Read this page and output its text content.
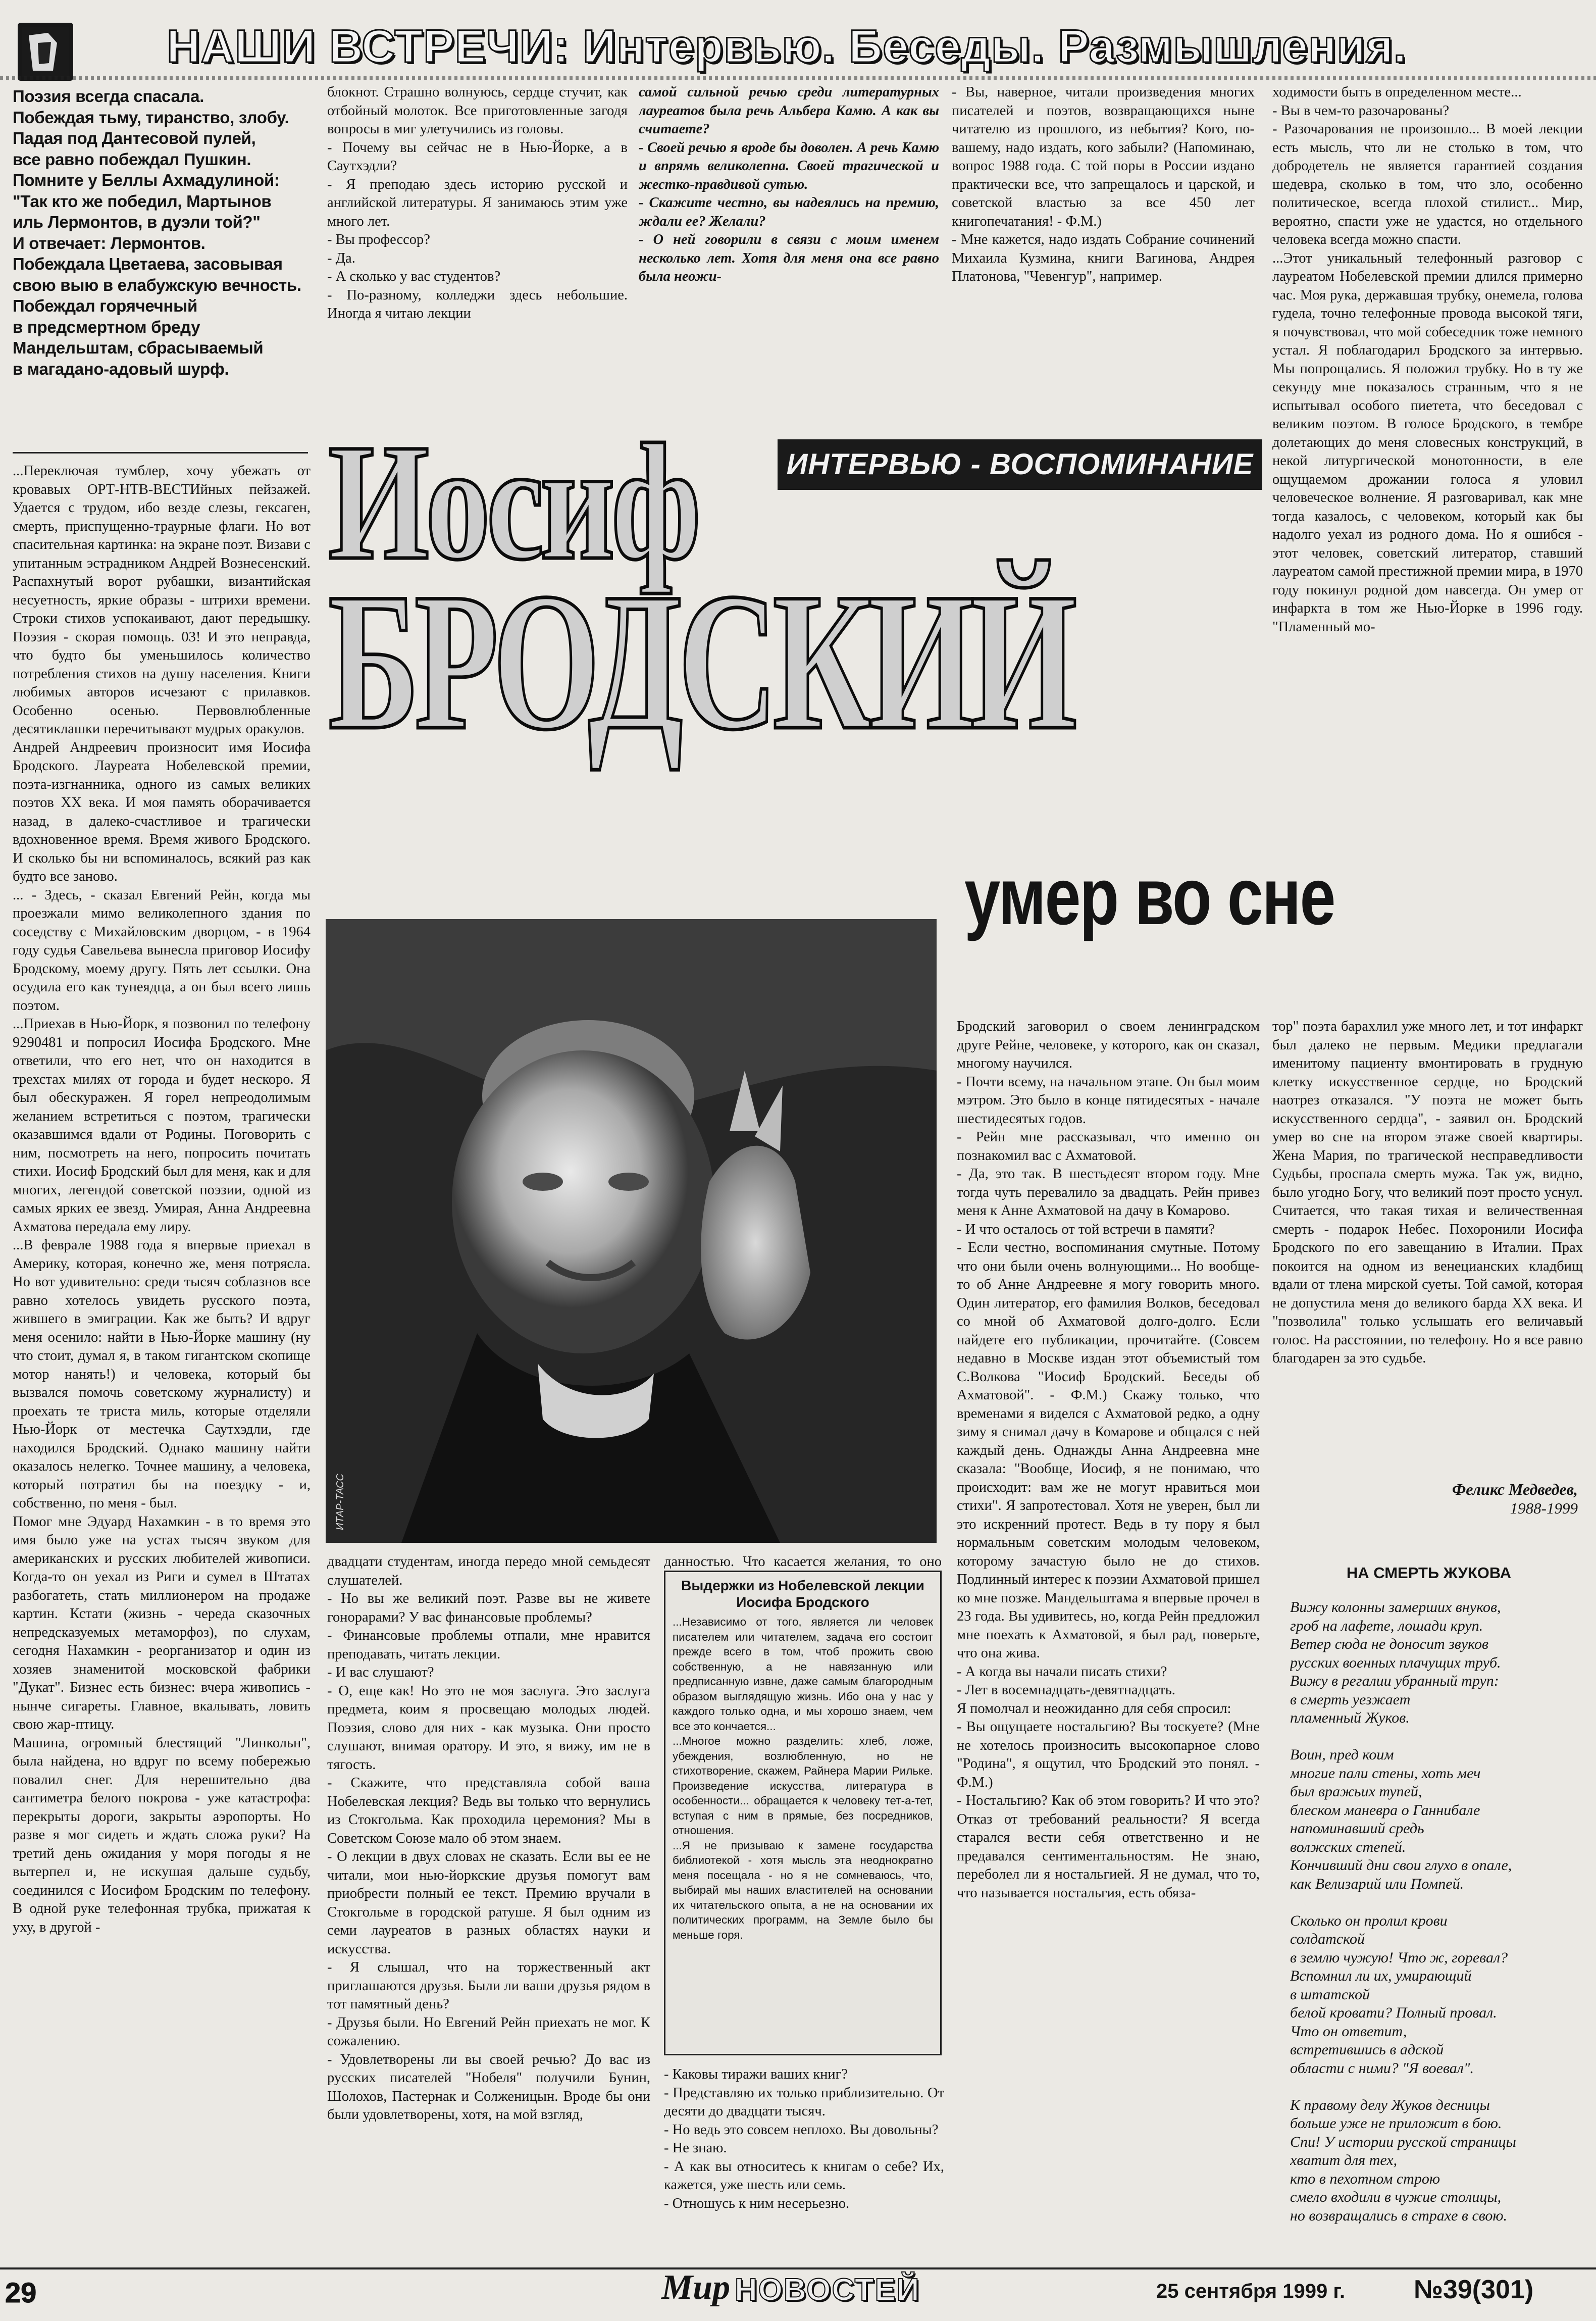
НАШИ ВСТРЕЧИ: Интервью. Беседы. Размышления.
Поэзия всегда спасала.
Побеждая тьму, тиранство, злобу.
Падая под Дантесовой пулей,
все равно побеждал Пушкин.
Помните у Беллы Ахмадулиной:
"Так кто же победил, Мартынов
иль Лермонтов, в дуэли той?"
И отвечает: Лермонтов.
Побеждала Цветаева, засовывая
свою выю в елабужскую вечность.
Побеждал горячечный
в предсмертном бреду
Мандельштам, сбрасываемый
в магадано-адовый шурф.
блокнот. Страшно волнуюсь, сердце стучит, как отбойный молоток. Все приготовленные загодя вопросы в миг улетучились из головы.
- Почему вы сейчас не в Нью-Йорке, а в Саутхэдли?
- Я преподаю здесь историю русской и английской литературы. Я занимаюсь этим уже много лет.
- Вы профессор?
- Да.
- А сколько у вас студентов?
- По-разному, колледжи здесь небольшие. Иногда я читаю лекции
самой сильной речью среди литературных лауреатов была речь Альбера Камю. А как вы считаете?
- Своей речью я вроде бы доволен. А речь Камю и впрямь великолепна. Своей трагической и жестко-правдивой сутью.
- Скажите честно, вы надеялись на премию, ждали ее? Желали?
- О ней говорили в связи с моим именем несколько лет. Хотя для меня она все равно была неожи-
- Вы, наверное, читали произведения многих писателей и поэтов, возвращающихся ныне читателю из прошлого, из небытия? Кого, по-вашему, надо издать, кого забыли? (Напоминаю, вопрос 1988 года. С той поры в России издано практически все, что запрещалось и царской, и советской властью за все 450 лет книгопечатания! - Ф.М.)
- Мне кажется, надо издать Собрание сочинений Михаила Кузмина, книги Вагинова, Андрея Платонова, "Чевенгур", например.
ходимости быть в определенном месте...
- Вы в чем-то разочарованы?
- Разочарования не произошло... В моей лекции есть мысль, что ли не столько в том, что добродетель не является гарантией создания шедевра, сколько в том, что зло, особенно политическое, всегда плохой стилист... Мир, вероятно, спасти уже не удастся, но отдельного человека всегда можно спасти.
...Этот уникальный телефонный разговор с лауреатом Нобелевской премии длился примерно час. Моя рука, державшая трубку, онемела, голова гудела, точно телефонные провода высокой тяги, я почувствовал, что мой собеседник тоже немного устал. Я поблагодарил Бродского за интервью. Мы попрощались. Я положил трубку. Но в ту же секунду мне показалось странным, что я не испытывал особого пиетета, что беседовал с великим поэтом. В голосе Бродского, в тембре долетающих до меня словесных конструкций, в некой литургической монотонности, в еле ощущаемом дрожании голоса я уловил человеческое волнение. Я разговаривал, как мне тогда казалось, с человеком, который как бы надолго уехал из родного дома. Но я ошибся - этот человек, советский литератор, ставший лауреатом самой престижной премии мира, в 1970 году покинул родной дом навсегда. Он умер от инфаркта в том же Нью-Йорке в 1996 году. "Пламенный мо-
...Переключая тумблер, хочу убежать от кровавых ОРТ-НТВ-ВЕСТИйных пейзажей. Удается с трудом, ибо везде слезы, гексаген, смерть, приспущенно-траурные флаги. Но вот спасительная картинка: на экране поэт. Визави с упитанным эстрадником Андрей Вознесенский. Распахнутый ворот рубашки, византийская несуетность, яркие образы - штрихи времени. Строки стихов успокаивают, дают передышку. Поэзия - скорая помощь. 03! И это неправда, что будто бы уменьшилось количество потребления стихов на душу населения. Книги любимых авторов исчезают с прилавков. Особенно осенью. Первовлюбленные десятиклашки перечитывают мудрых оракулов.
Андрей Андреевич произносит имя Иосифа Бродского. Лауреата Нобелевской премии, поэта-изгнанника, одного из самых великих поэтов XX века. И моя память оборачивается назад, в далеко-счастливое и трагически вдохновенное время. Время живого Бродского. И сколько бы ни вспоминалось, всякий раз как будто все заново.
... - Здесь, - сказал Евгений Рейн, когда мы проезжали мимо великолепного здания по соседству с Михайловским дворцом, - в 1964 году судья Савельева вынесла приговор Иосифу Бродскому, моему другу. Пять лет ссылки. Она осудила его как тунеядца, а он был всего лишь поэтом.
...Приехав в Нью-Йорк, я позвонил по телефону 9290481 и попросил Иосифа Бродского. Мне ответили, что его нет, что он находится в трехстах милях от города и будет нескоро. Я был обескуражен. Я горел непреодолимым желанием встретиться с поэтом, трагически оказавшимся вдали от Родины. Поговорить с ним, посмотреть на него, попросить почитать стихи. Иосиф Бродский был для меня, как и для многих, легендой советской поэзии, одной из самых ярких ее звезд. Умирая, Анна Андреевна Ахматова передала ему лиру.
...В феврале 1988 года я впервые приехал в Америку, которая, конечно же, меня потрясла. Но вот удивительно: среди тысяч соблазнов все равно хотелось увидеть русского поэта, жившего в эмиграции. Как же быть? И вдруг меня осенило: найти в Нью-Йорке машину (ну что стоит, думал я, в таком гигантском скопище мотор нанять!) и человека, который бы вызвался помочь советскому журналисту) и проехать те триста миль, которые отделяли Нью-Йорк от местечка Саутхэдли, где находился Бродский. Однако машину найти оказалось нелегко. Точнее машину, а человека, который потратил бы на поездку - и, собственно, по меня - был.
Помог мне Эдуард Нахамкин - в то время это имя было уже на устах тысяч звуком для американских и русских любителей живописи. Когда-то он уехал из Риги и сумел в Штатах разбогатеть, стать миллионером на продаже картин. Кстати (жизнь - череда сказочных непредсказуемых метаморфоз), по слухам, сегодня Нахамкин - реорганизатор и один из хозяев знаменитой московской фабрики "Дукат". Бизнес есть бизнес: вчера живопись - нынче сигареты. Главное, вкалывать, ловить свою жар-птицу.
Машина, огромный блестящий "Линкольн", была найдена, но вдруг по всему побережью повалил снег. Для нерешительно два сантиметра белого покрова - уже катастрофа: перекрыты дороги, закрыты аэропорты. Но разве я мог сидеть и ждать сложа руки? На третий день ожидания у моря погоды я не вытерпел и, не искушая дальше судьбу, соединился с Иосифом Бродским по телефону. В одной руке телефонная трубка, прижатая к уху, в другой -
Иосиф
БРОДСКИЙ
ИНТЕРВЬЮ - ВОСПОМИНАНИЕ
умер во сне
ИТАР-ТАСС
двадцати студентам, иногда передо мной семьдесят слушателей.
- Но вы же великий поэт. Разве вы не живете гонорарами? У вас финансовые проблемы?
- Финансовые проблемы отпали, мне нравится преподавать, читать лекции.
- И вас слушают?
- О, еще как! Но это не моя заслуга. Это заслуга предмета, коим я просвещаю молодых людей. Поэзия, слово для них - как музыка. Они просто слушают, внимая оратору. И это, я вижу, им не в тягость.
- Скажите, что представляла собой ваша Нобелевская лекция? Ведь вы только что вернулись из Стокгольма. Как проходила церемония? Мы в Советском Союзе мало об этом знаем.
- О лекции в двух словах не сказать. Если вы ее не читали, мои нью-йоркские друзья помогут вам приобрести полный ее текст. Премию вручали в Стокгольме в городской ратуше. Я был одним из семи лауреатов в разных областях науки и искусства.
- Я слышал, что на торжественный акт приглашаются друзья. Были ли ваши друзья рядом в тот памятный день?
- Друзья были. Но Евгений Рейн приехать не мог. К сожалению.
- Удовлетворены ли вы своей речью? До вас из русских писателей "Нобеля" получили Бунин, Шолохов, Пастернак и Солженицын. Вроде бы они были удовлетворены, хотя, на мой взгляд,
данностью. Что касается желания, то оно
- Каковы тиражи ваших книг?
- Представляю их только приблизительно. От десяти до двадцати тысяч.
- Но ведь это совсем неплохо. Вы довольны?
- Не знаю.
- А как вы относитесь к книгам о себе? Их, кажется, уже шесть или семь.
- Отношусь к ним несерьезно.
Бродский заговорил о своем ленинградском друге Рейне, человеке, у которого, как он сказал, многому научился.
- Почти всему, на начальном этапе. Он был моим мэтром. Это было в конце пятидесятых - начале шестидесятых годов.
- Рейн мне рассказывал, что именно он познакомил вас с Ахматовой.
- Да, это так. В шестьдесят втором году. Мне тогда чуть перевалило за двадцать. Рейн привез меня к Анне Ахматовой на дачу в Комарово.
- И что осталось от той встречи в памяти?
- Если честно, воспоминания смутные. Потому что они были очень волнующими... Но вообще-то об Анне Андреевне я могу говорить много. Один литератор, его фамилия Волков, беседовал со мной об Ахматовой долго-долго. Если найдете его публикации, прочитайте. (Совсем недавно в Москве издан этот объемистый том С.Волкова "Иосиф Бродский. Беседы об Ахматовой". - Ф.М.) Скажу только, что временами я виделся с Ахматовой редко, а одну зиму я снимал дачу в Комарове и общался с ней каждый день. Однажды Анна Андреевна мне сказала: "Вообще, Иосиф, я не понимаю, что происходит: вам же не могут нравиться мои стихи". Я запротестовал. Хотя не уверен, был ли это искренний протест. Ведь в ту пору я был нормальным советским молодым человеком, которому зачастую было не до стихов. Подлинный интерес к поэзии Ахматовой пришел ко мне позже. Мандельштама я впервые прочел в 23 года. Вы удивитесь, но, когда Рейн предложил мне поехать к Ахматовой, я был рад, поверьте, что она жива.
- А когда вы начали писать стихи?
- Лет в восемнадцать-девятнадцать.
Я помолчал и неожиданно для себя спросил:
- Вы ощущаете ностальгию? Вы тоскуете? (Мне не хотелось произносить высокопарное слово "Родина", я ощутил, что Бродский это понял. - Ф.М.)
- Ностальгию? Как об этом говорить? И что это? Отказ от требований реальности? Я всегда старался вести себя ответственно и не предавался сентиментальностям. Не знаю, переболел ли я ностальгией. Я не думал, что то, что называется ностальгия, есть обяза-
тор" поэта барахлил уже много лет, и тот инфаркт был далеко не первым. Медики предлагали именитому пациенту вмонтировать в грудную клетку искусственное сердце, но Бродский наотрез отказался. "У поэта не может быть искусственного сердца", - заявил он. Бродский умер во сне на втором этаже своей квартиры. Жена Мария, по трагической несправедливости Судьбы, проспала смерть мужа. Так уж, видно, было угодно Богу, что великий поэт просто уснул. Считается, что такая тихая и величественная смерть - подарок Небес. Похоронили Иосифа Бродского по его завещанию в Италии. Прах покоится на одном из венецианских кладбищ вдали от тлена мирской суеты. Той самой, которая не допустила меня до великого барда XX века. И "позволила" только услышать его величавый голос. На расстоянии, по телефону. Но я все равно благодарен за это судьбе.
Выдержки из Нобелевской лекции Иосифа Бродского
...Независимо от того, является ли человек писателем или читателем, задача его состоит прежде всего в том, чтоб прожить свою собственную, а не навязанную или предписанную извне, даже самым благородным образом выглядящую жизнь. Ибо она у нас у каждого только одна, и мы хорошо знаем, чем все это кончается...
...Многое можно разделить: хлеб, ложе, убеждения, возлюбленную, но не стихотворение, скажем, Райнера Марии Рильке. Произведение искусства, литература в особенности... обращается к человеку тет-а-тет, вступая с ним в прямые, без посредников, отношения.
...Я не призываю к замене государства библиотекой - хотя мысль эта неоднократно меня посещала - но я не сомневаюсь, что, выбирай мы наших властителей на основании их читательского опыта, а не на основании их политических программ, на Земле было бы меньше горя.
Феликс Медведев,
1988-1999
НА СМЕРТЬ ЖУКОВА
Вижу колонны замерших внуков,
гроб на лафете, лошади круп.
Ветер сюда не доносит звуков
русских военных плачущих труб.
Вижу в регалии убранный труп:
в смерть уезжает
пламенный Жуков.

Воин, пред коим
многие пали стены, хоть меч
был вражьих тупей,
блеском маневра о Ганнибале
напоминавший средь
волжских степей.
Кончивший дни свои глухо в опале,
как Велизарий или Помпей.

Сколько он пролил крови
солдатской
в землю чужую! Что ж, горевал?
Вспомнил ли их, умирающий
в штатской
белой кровати? Полный провал.
Что он ответит,
встретившись в адской
области с ними? "Я воевал".

К правому делу Жуков десницы
больше уже не приложит в бою.
Спи! У истории русской страницы
хватит для тех,
кто в пехотном строю
смело входили в чужие столицы,
но возвращались в страхе в свою.

29	Мир НОВОСТЕЙ	25 сентября 1999 г.	№39(301)
